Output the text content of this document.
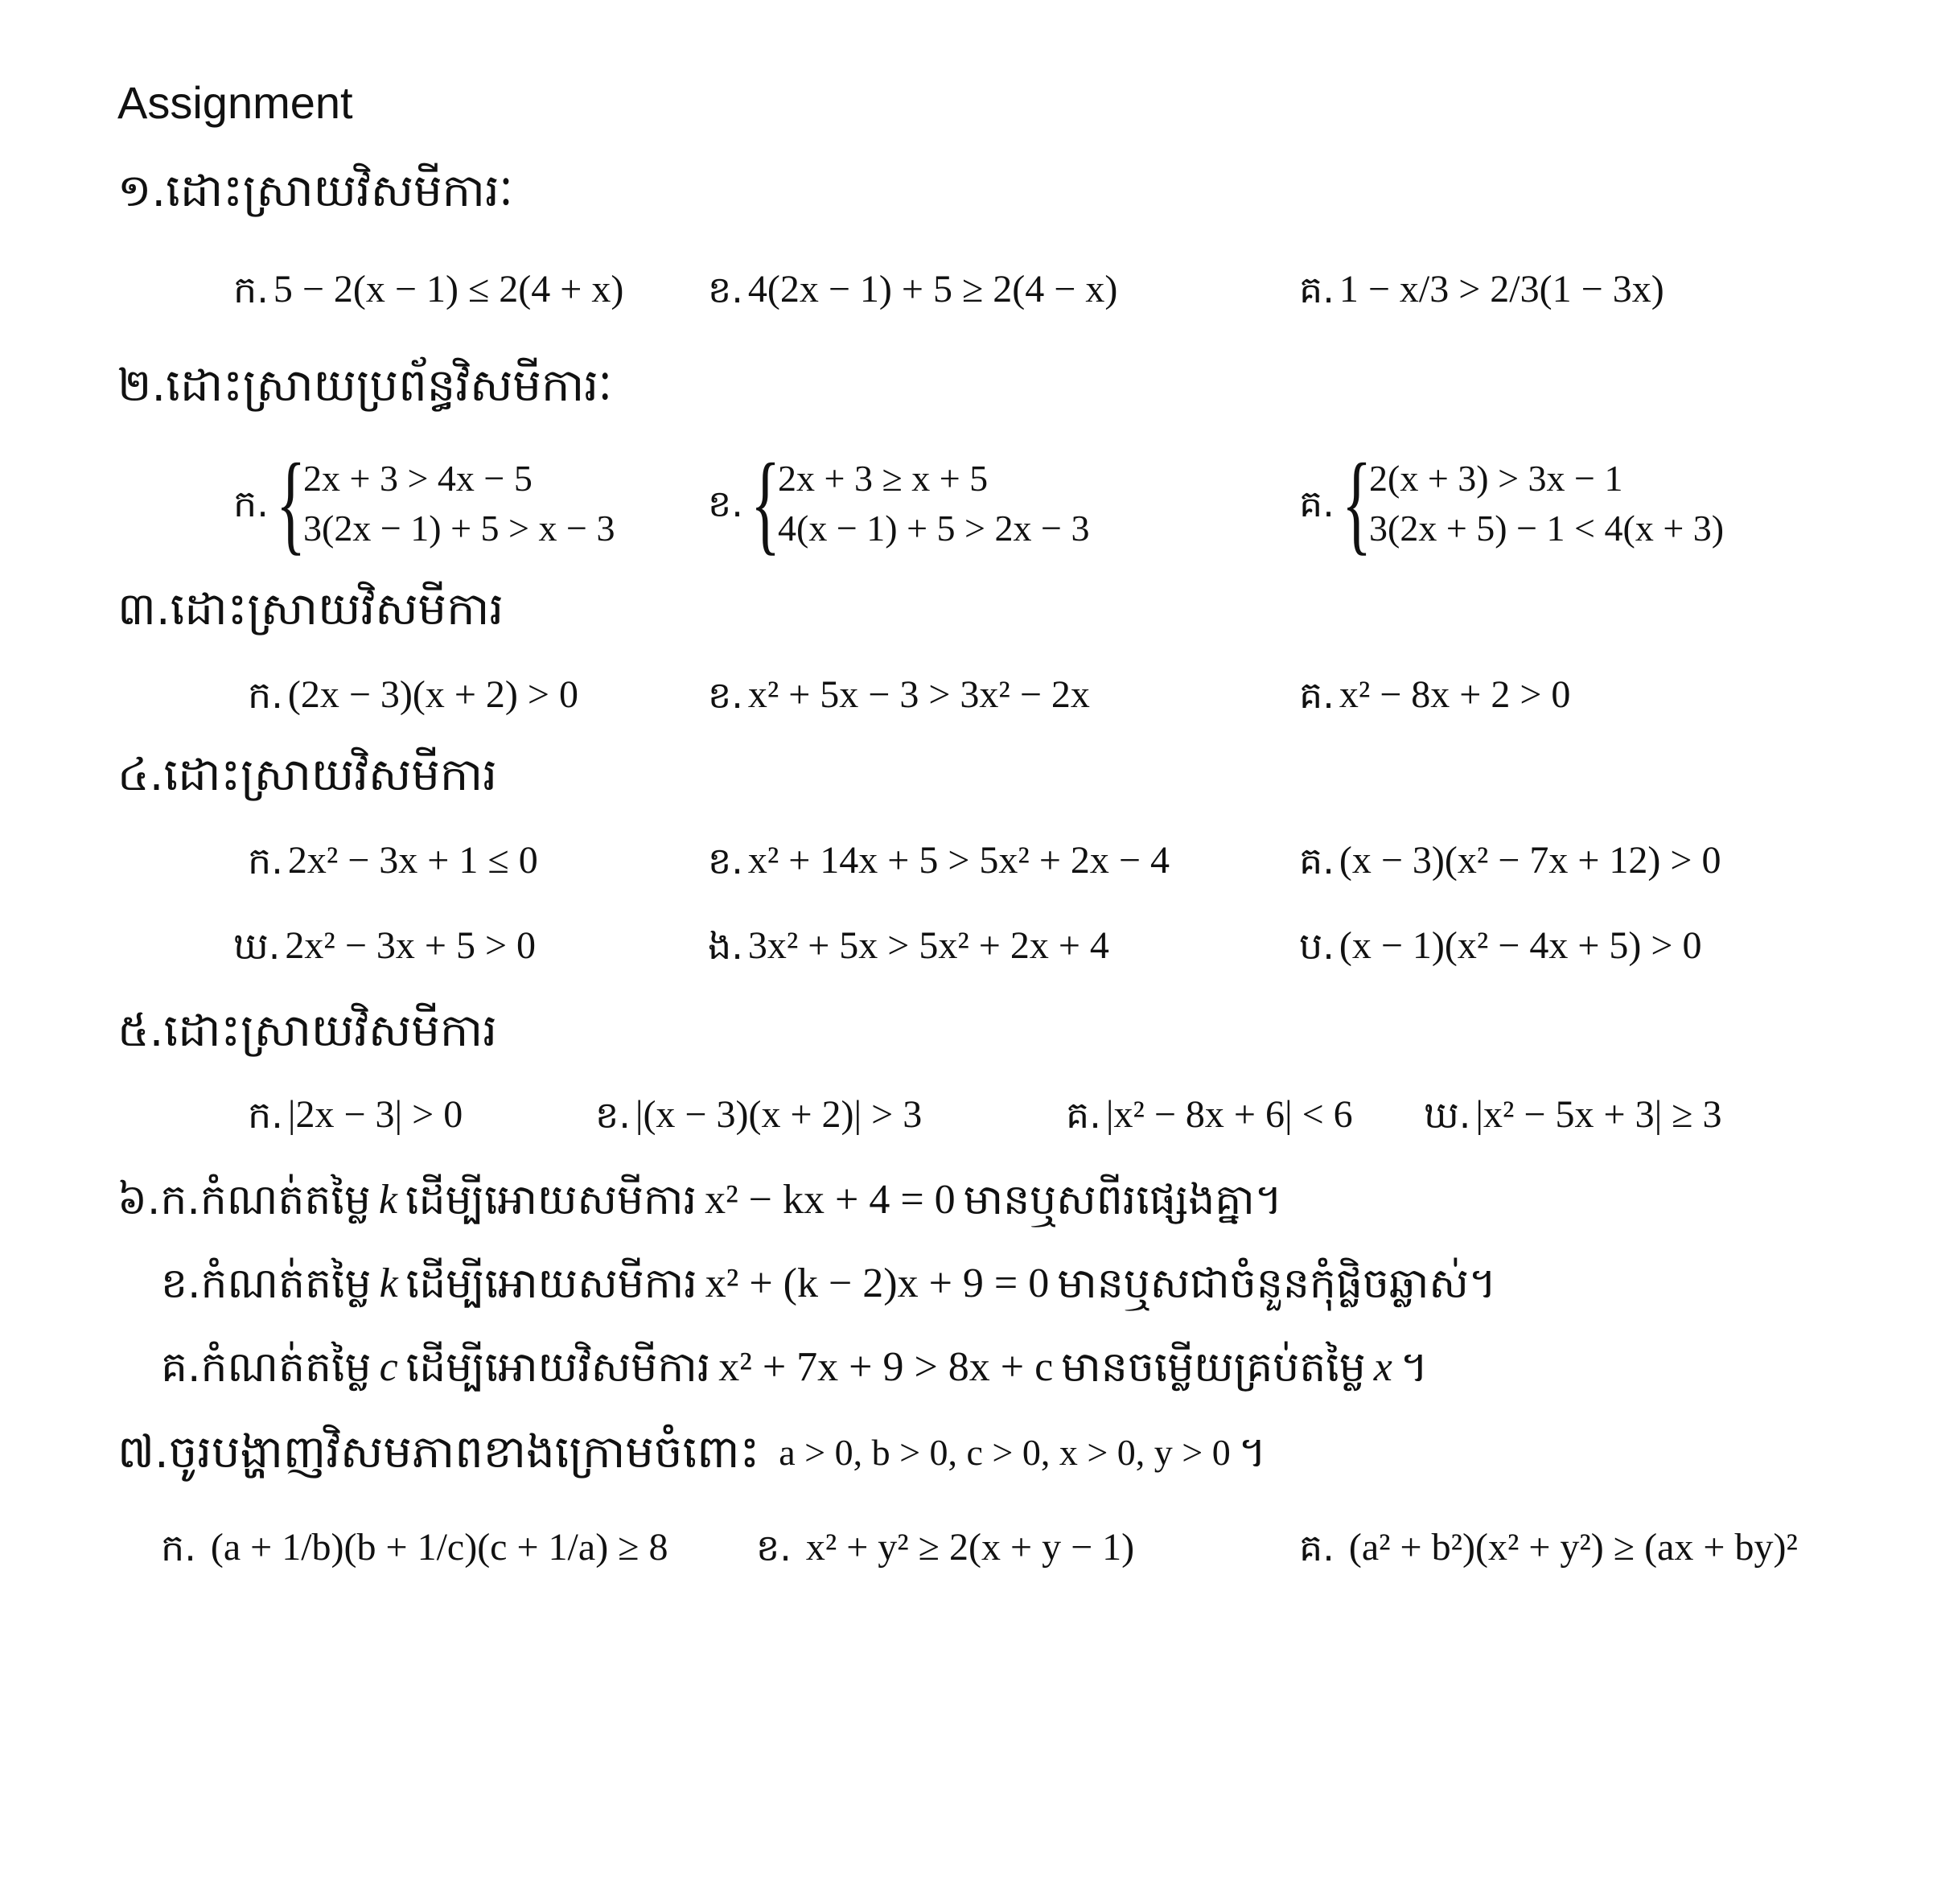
Assignment
១.ដោះស្រាយវិសមីការៈ
ក. 5 − 2(x − 1) ≤ 2(4 + x) ខ. 4(2x − 1) + 5 ≥ 2(4 − x)	គ. 1 − x/3 > 2/3(1 − 3x)
២.ដោះស្រាយប្រព័ន្ធវិសមីការៈ
ក. {
2x + 3 > 4x − 5
3(2x − 1) + 5 > x − 3
ខ. {
2x + 3 ≥ x + 5
4(x − 1) + 5 > 2x − 3
គ. {
2(x + 3) > 3x − 1
3(2x + 5) − 1 < 4(x + 3)
៣.ដោះស្រាយវិសមីការ
ក. (2x − 3)(x + 2) > 0	ខ. x² + 5x − 3 > 3x² − 2x	គ. x² − 8x + 2 > 0
៤.ដោះស្រាយវិសមីការ
ក. 2x² − 3x + 1 ≤ 0	ខ. x² + 14x + 5 > 5x² + 2x − 4	គ. (x − 3)(x² − 7x + 12) > 0
ឃ. 2x² − 3x + 5 > 0	ង. 3x² + 5x > 5x² + 2x + 4	ប. (x − 1)(x² − 4x + 5) > 0
៥.ដោះស្រាយវិសមីការ
ក. |2x − 3| > 0	ខ. |(x − 3)(x + 2)| > 3	គ. |x² − 8x + 6| < 6 ឃ. |x² − 5x + 3| ≥ 3
៦.ក.កំណត់តម្លៃ k ដើម្បីអោយសមីការ x² − kx + 4 = 0 មានឬសពីរផ្សេងគ្នា។
ខ.កំណត់តម្លៃ k ដើម្បីអោយសមីការ x² + (k − 2)x + 9 = 0 មានឬសជាចំនួនកុំផ្លិចឆ្លាស់។
គ.កំណត់តម្លៃ c ដើម្បីអោយវិសមីការ x² + 7x + 9 > 8x + c មានចម្លើយគ្រប់តម្លៃ x ។
៧.ចូរបង្ហាញវិសមភាពខាងក្រោមចំពោះ a > 0, b > 0, c > 0, x > 0, y > 0 ។
ក. (a + 1/b)(b + 1/c)(c + 1/a) ≥ 8 ខ. x² + y² ≥ 2(x + y − 1)	គ. (a² + b²)(x² + y²) ≥ (ax + by)²
